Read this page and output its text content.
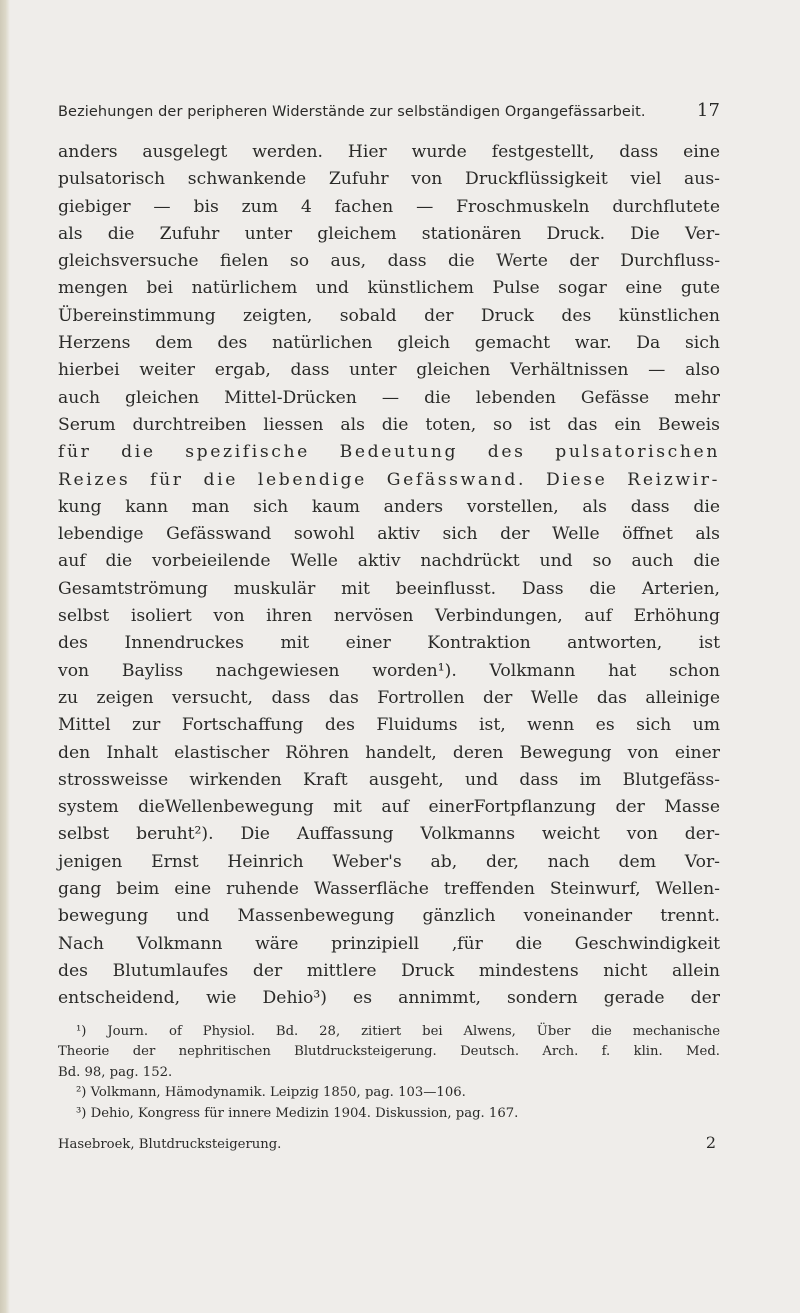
Beziehungen der peripheren Widerstände zur selbständigen Organgefässarbeit.	17
anders ausgelegt werden. Hier wurde festgestellt, dass eine
pulsatorisch schwankende Zufuhr von Druckflüssigkeit viel aus-
giebiger — bis zum 4 fachen — Froschmuskeln durchflutete
als die Zufuhr unter gleichem stationären Druck. Die Ver-
gleichsversuche fielen so aus, dass die Werte der Durchfluss-
mengen bei natürlichem und künstlichem Pulse sogar eine gute
Übereinstimmung zeigten, sobald der Druck des künstlichen
Herzens dem des natürlichen gleich gemacht war. Da sich
hierbei weiter ergab, dass unter gleichen Verhältnissen — also
auch gleichen Mittel-Drücken — die lebenden Gefässe mehr
Serum durchtreiben liessen als die toten, so ist das ein Beweis
für die spezifische Bedeutung des pulsatorischen
Reizes für die lebendige Gefässwand. Diese Reizwir-
kung kann man sich kaum anders vorstellen, als dass die
lebendige Gefässwand sowohl aktiv sich der Welle öffnet als
auf die vorbeieilende Welle aktiv nachdrückt und so auch die
Gesamtströmung muskulär mit beeinflusst. Dass die Arterien,
selbst isoliert von ihren nervösen Verbindungen, auf Erhöhung
des Innendruckes mit einer Kontraktion antworten, ist
von Bayliss nachgewiesen worden¹). Volkmann hat schon
zu zeigen versucht, dass das Fortrollen der Welle das alleinige
Mittel zur Fortschaffung des Fluidums ist, wenn es sich um
den Inhalt elastischer Röhren handelt, deren Bewegung von einer
strossweisse wirkenden Kraft ausgeht, und dass im Blutgefäss-
system dieWellenbewegung mit auf einerFortpflanzung der Masse
selbst beruht²). Die Auffassung Volkmanns weicht von der-
jenigen Ernst Heinrich Weber's ab, der, nach dem Vor-
gang beim eine ruhende Wasserfläche treffenden Steinwurf, Wellen-
bewegung und Massenbewegung gänzlich voneinander trennt.
Nach Volkmann wäre prinzipiell ‚für die Geschwindigkeit
des Blutumlaufes der mittlere Druck mindestens nicht allein
entscheidend, wie Dehio³) es annimmt, sondern gerade der
¹) Journ. of Physiol. Bd. 28, zitiert bei Alwens, Über die mechanische
Theorie der nephritischen Blutdrucksteigerung. Deutsch. Arch. f. klin. Med.
Bd. 98, pag. 152.
²) Volkmann, Hämodynamik. Leipzig 1850, pag. 103—106.
³) Dehio, Kongress für innere Medizin 1904. Diskussion, pag. 167.
Hasebroek, Blutdrucksteigerung.	2
